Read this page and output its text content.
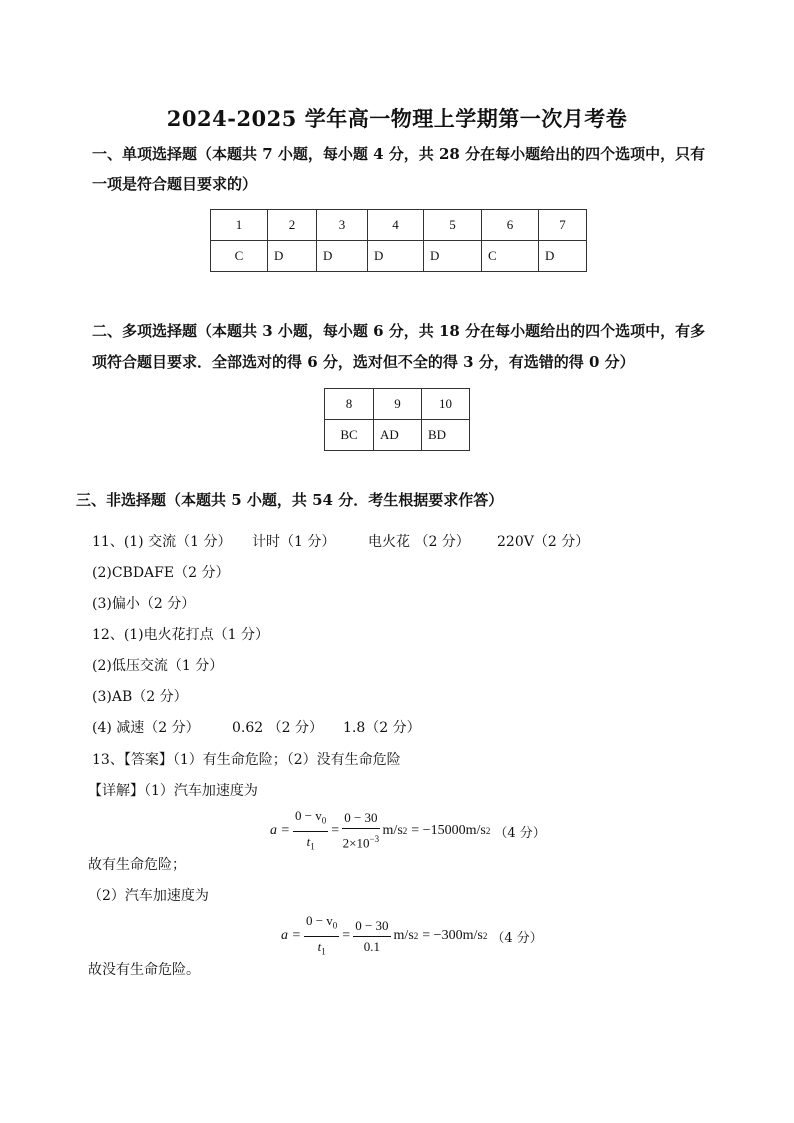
2024-2025 学年高一物理上学期第一次月考卷
一、单项选择题（本题共 7 小题，每小题 4 分，共 28 分在每小题给出的四个选项中，只有
一项是符合题目要求的）
1	2	3	4	5	6	7
C	D	D	D	D	C	D
二、多项选择题（本题共 3 小题，每小题 6 分，共 18 分在每小题给出的四个选项中，有多
项符合题目要求．全部选对的得 6 分，选对但不全的得 3 分，有选错的得 0 分）
8	9	10
BC	AD	BD
三、非选择题（本题共 5 小题，共 54 分．考生根据要求作答）
11、(1) 交流（1 分） 计时（1 分） 电火花 （2 分） 220V（2 分）
(2)CBDAFE（2 分）
(3)偏小（2 分）
12、(1)电火花打点（1 分）
(2)低压交流（1 分）
(3)AB（2 分）
(4) 减速（2 分） 0.62 （2 分） 1.8（2 分）
13、【答案】（1）有生命危险；（2）没有生命危险
【详解】（1）汽车加速度为
$a = \frac{0 - v_0}{t_1} = \frac{0 - 30}{2\times 10^{-3}} m/s$ 2 = −15000m/s 2 （4 分）
故有生命危险；
（2）汽车加速度为
$a = \frac{0 - v_0}{t_1} = \frac{0 - 30}{0.1} m/s$ 2 = −300m/s 2 （4 分）
故没有生命危险。
